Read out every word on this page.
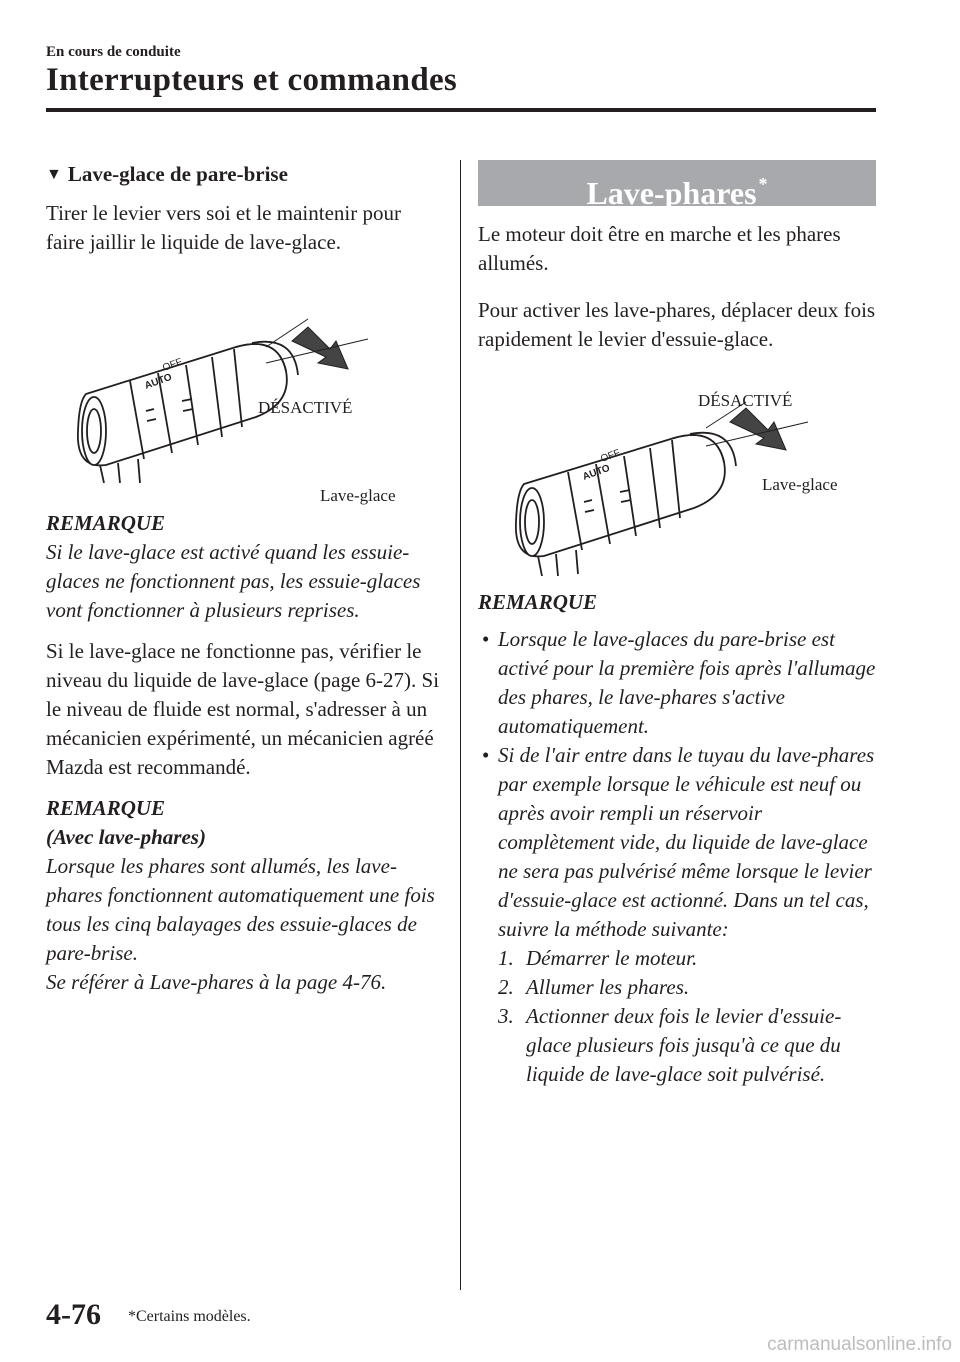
En cours de conduite
Interrupteurs et commandes
▼ Lave-glace de pare-brise

Tirer le levier vers soi et le maintenir pour faire jaillir le liquide de lave-glace.

OFF
AUTO
DÉSACTIVÉ
Lave-glace
REMARQUE
Si le lave-glace est activé quand les essuie-glaces ne fonctionnent pas, les essuie-glaces vont fonctionner à plusieurs reprises.

Si le lave-glace ne fonctionne pas, vérifier le niveau du liquide de lave-glace (page 6-27). Si le niveau de fluide est normal, s'adresser à un mécanicien expérimenté, un mécanicien agréé Mazda est recommandé.

REMARQUE
(Avec lave-phares)
Lorsque les phares sont allumés, les lave-phares fonctionnent automatiquement une fois tous les cinq balayages des essuie-glaces de pare-brise.
Se référer à Lave-phares à la page 4-76.
Lave-phares *

Le moteur doit être en marche et les phares allumés.

Pour activer les lave-phares, déplacer deux fois rapidement le levier d'essuie-glace.

OFF
AUTO
DÉSACTIVÉ
Lave-glace
REMARQUE
• Lorsque le lave-glaces du pare-brise est activé pour la première fois après l'allumage des phares, le lave-phares s'active automatiquement.
• Si de l'air entre dans le tuyau du lave-phares par exemple lorsque le véhicule est neuf ou après avoir rempli un réservoir complètement vide, du liquide de lave-glace ne sera pas pulvérisé même lorsque le levier d'essuie-glace est actionné. Dans un tel cas, suivre la méthode suivante:
1. Démarrer le moteur.
2. Allumer les phares.
3. Actionner deux fois le levier d'essuie-glace plusieurs fois jusqu'à ce que du liquide de lave-glace soit pulvérisé.
4-76 *Certains modèles.
carmanualsonline.info
